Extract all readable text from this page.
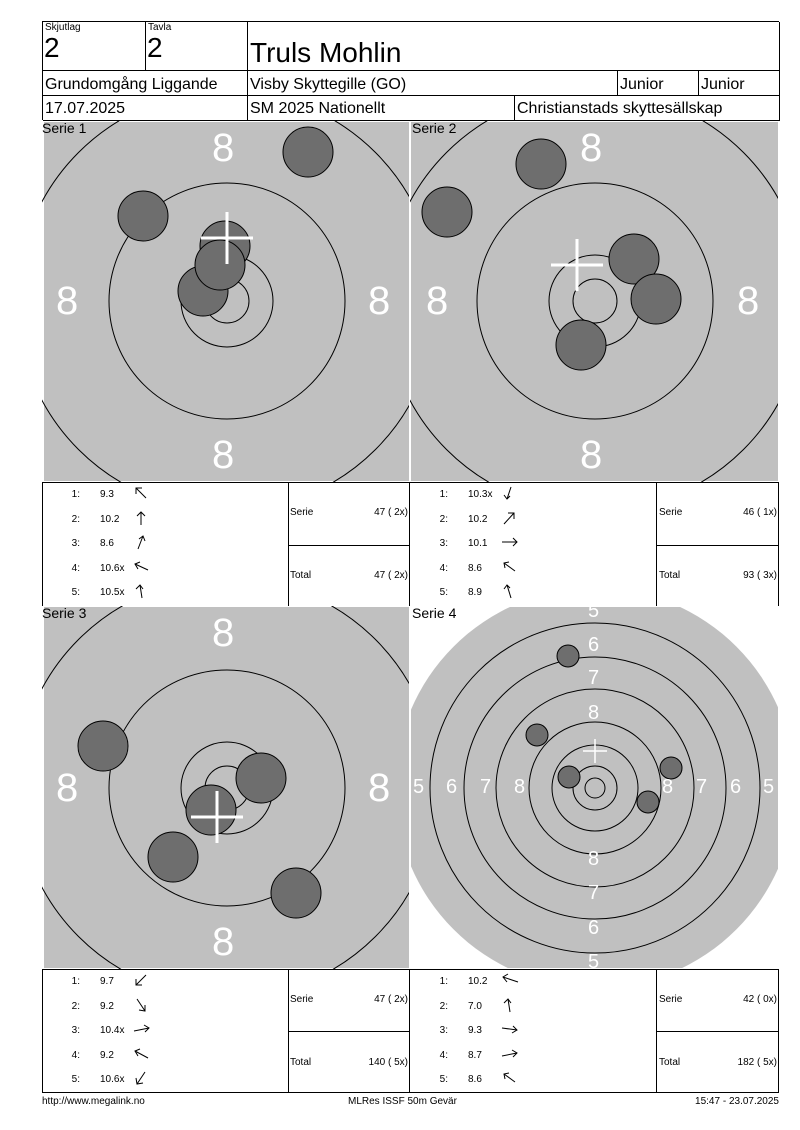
Skjutlag
2
Tavla
2	Truls Mohlin
Grundomgång Liggande	Visby Skyttegille (GO)	Junior	Junior
17.07.2025	SM 2025 Nationellt	Christianstads skyttesällskap
Serie 1	8
8	8
8
Serie 2	8
8	8
8
1: 9.3
2: 10.2
3: 8.6
4: 10.6x
5: 10.5x
Serie	47 ( 2x)
Total	47 ( 2x)
1: 10.3x
2: 10.2
3: 10.1
4: 8.6
5: 8.9
Serie	46 ( 1x)
Total	93 ( 3x)
Serie 3	8
8	8
8
Serie 4	5
6
7
8
8
7
6
5
5 6 7 8	8 7 6 5
1: 9.7
2: 9.2
3: 10.4x
4: 9.2
5: 10.6x
Serie	47 ( 2x)
Total	140 ( 5x)
1: 10.2
2: 7.0
3: 9.3
4: 8.7
5: 8.6
Serie	42 ( 0x)
Total	182 ( 5x)
http://www.megalink.no	MLRes ISSF 50m Gevär	15:47 - 23.07.2025
